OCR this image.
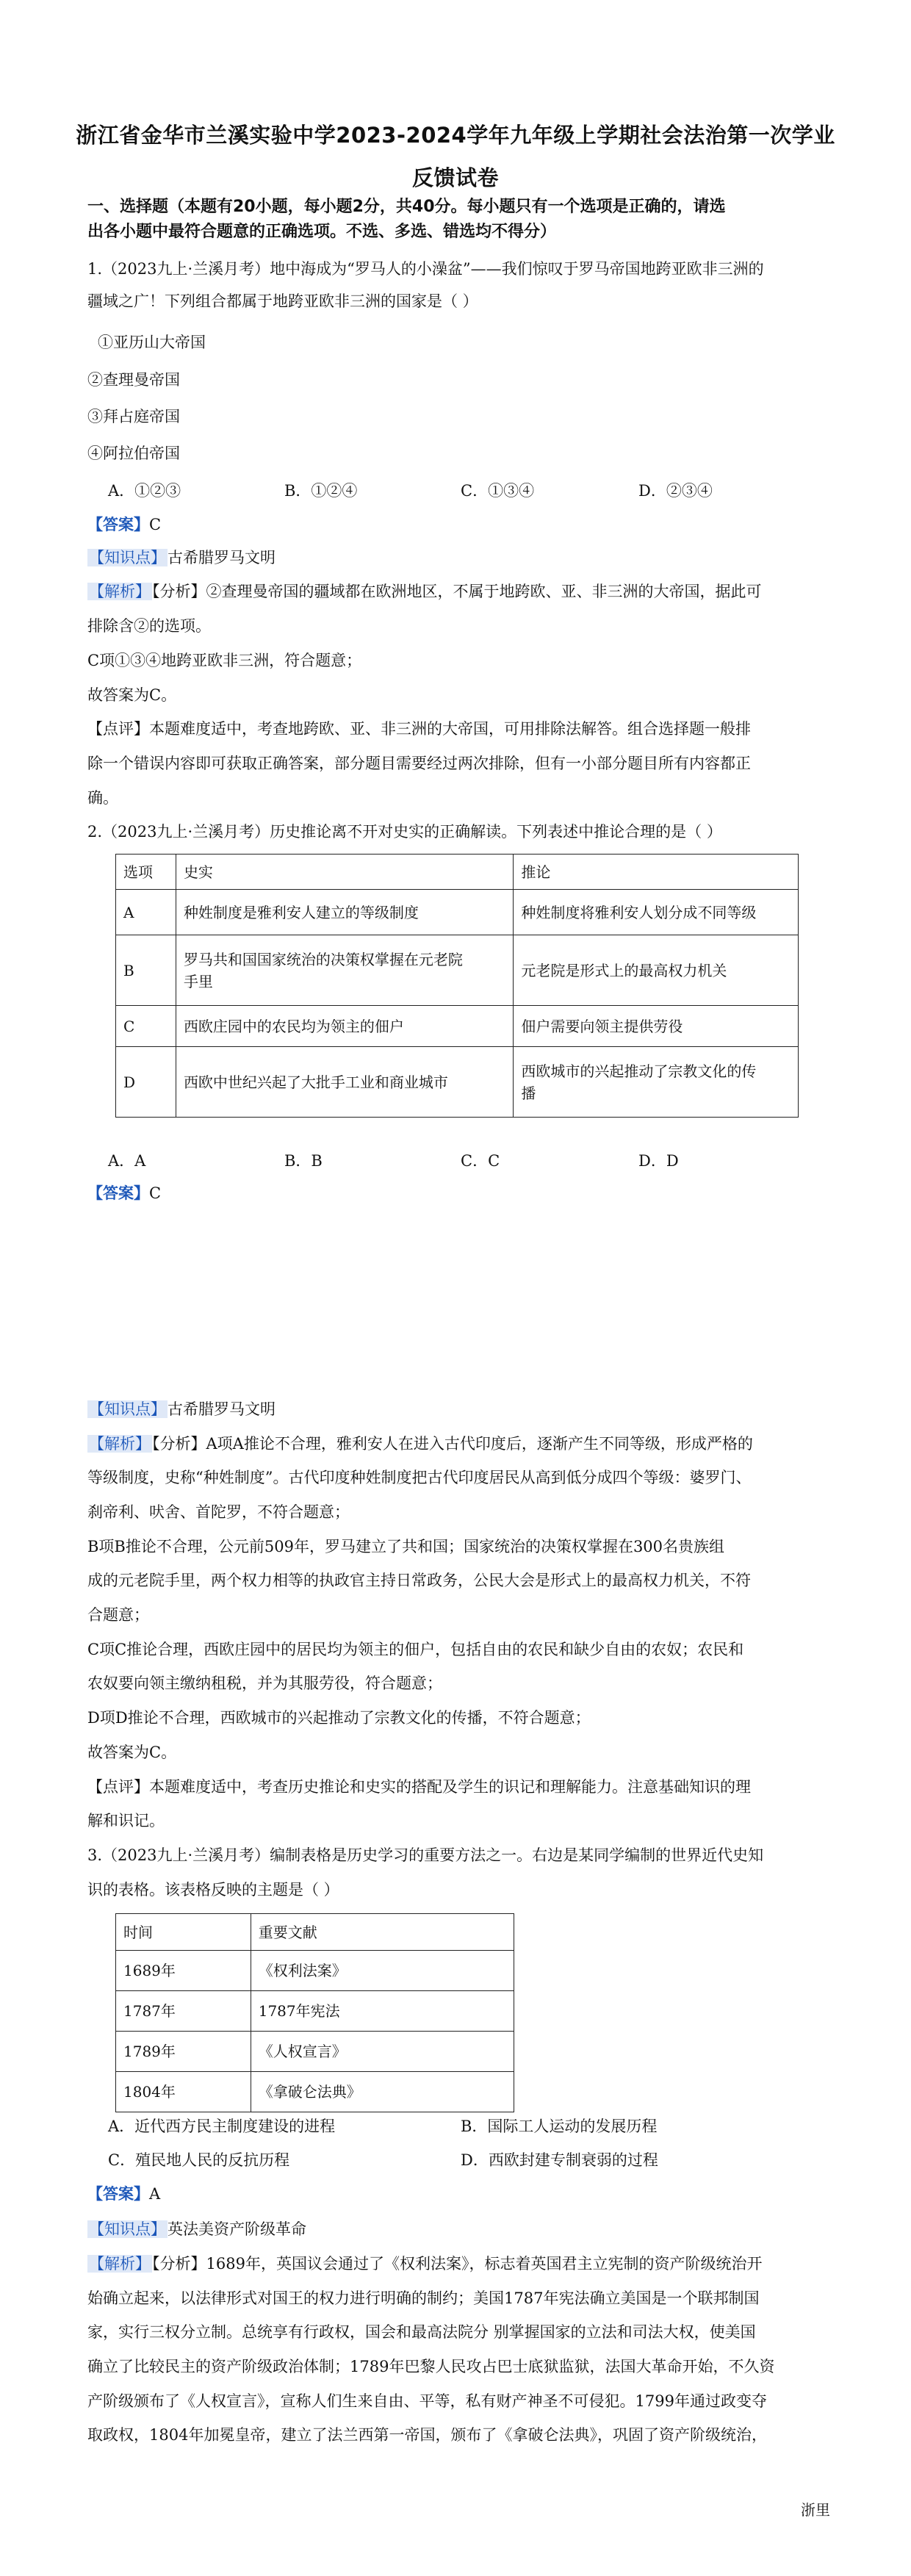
浙江省金华市兰溪实验中学2023-2024学年九年级上学期社会法治第一次学业
反馈试卷
一、选择题（本题有20小题，每小题2分，共40分。每小题只有一个选项是正确的，请选
出各小题中最符合题意的正确选项。不选、多选、错选均不得分）
1.（2023九上·兰溪月考）地中海成为“罗马人的小澡盆”——我们惊叹于罗马帝国地跨亚欧非三洲的
疆域之广！下列组合都属于地跨亚欧非三洲的国家是（ ）
①亚历山大帝国
②查理曼帝国
③拜占庭帝国
④阿拉伯帝国
A．①②③	B．①②④	C．①③④	D．②③④
【答案】C
【知识点】古希腊罗马文明
【解析】【分析】②查理曼帝国的疆域都在欧洲地区，不属于地跨欧、亚、非三洲的大帝国，据此可
排除含②的选项。
C项①③④地跨亚欧非三洲，符合题意；
故答案为C。
【点评】本题难度适中，考查地跨欧、亚、非三洲的大帝国，可用排除法解答。组合选择题一般排
除一个错误内容即可获取正确答案，部分题目需要经过两次排除，但有一小部分题目所有内容都正
确。
2.（2023九上·兰溪月考）历史推论离不开对史实的正确解读。下列表述中推论合理的是（ ）
选项	史实	推论
A	种姓制度是雅利安人建立的等级制度	种姓制度将雅利安人划分成不同等级
B	罗马共和国国家统治的决策权掌握在元老院
手里	元老院是形式上的最高权力机关
C	西欧庄园中的农民均为领主的佃户	佃户需要向领主提供劳役
D	西欧中世纪兴起了大批手工业和商业城市	西欧城市的兴起推动了宗教文化的传
播
A．A	B．B	C．C	D．D
【答案】C
【知识点】古希腊罗马文明
【解析】【分析】A项A推论不合理，雅利安人在进入古代印度后，逐渐产生不同等级，形成严格的
等级制度，史称“种姓制度”。古代印度种姓制度把古代印度居民从高到低分成四个等级：婆罗门、
刹帝利、吠舍、首陀罗，不符合题意；
B项B推论不合理，公元前509年，罗马建立了共和国；国家统治的决策权掌握在300名贵族组
成的元老院手里，两个权力相等的执政官主持日常政务，公民大会是形式上的最高权力机关，不符
合题意；
C项C推论合理，西欧庄园中的居民均为领主的佃户，包括自由的农民和缺少自由的农奴；农民和
农奴要向领主缴纳租税，并为其服劳役，符合题意；
D项D推论不合理，西欧城市的兴起推动了宗教文化的传播，不符合题意；
故答案为C。
【点评】本题难度适中，考查历史推论和史实的搭配及学生的识记和理解能力。注意基础知识的理
解和识记。
3.（2023九上·兰溪月考）编制表格是历史学习的重要方法之一。右边是某同学编制的世界近代史知
识的表格。该表格反映的主题是（ ）
时间	重要文献
1689年	《权利法案》
1787年	1787年宪法
1789年	《人权宣言》
1804年	《拿破仑法典》
A．近代西方民主制度建设的进程	B．国际工人运动的发展历程
C．殖民地人民的反抗历程	D．西欧封建专制衰弱的过程
【答案】A
【知识点】英法美资产阶级革命
【解析】【分析】1689年，英国议会通过了《权利法案》，标志着英国君主立宪制的资产阶级统治开
始确立起来，以法律形式对国王的权力进行明确的制约；美国1787年宪法确立美国是一个联邦制国
家，实行三权分立制。总统享有行政权，国会和最高法院分 别掌握国家的立法和司法大权，使美国
确立了比较民主的资产阶级政治体制；1789年巴黎人民攻占巴士底狱监狱，法国大革命开始，不久资
产阶级颁布了《人权宣言》，宣称人们生来自由、平等，私有财产神圣不可侵犯。1799年通过政变夺
取政权，1804年加冕皇帝，建立了法兰西第一帝国，颁布了《拿破仑法典》，巩固了资产阶级统治，
浙里
